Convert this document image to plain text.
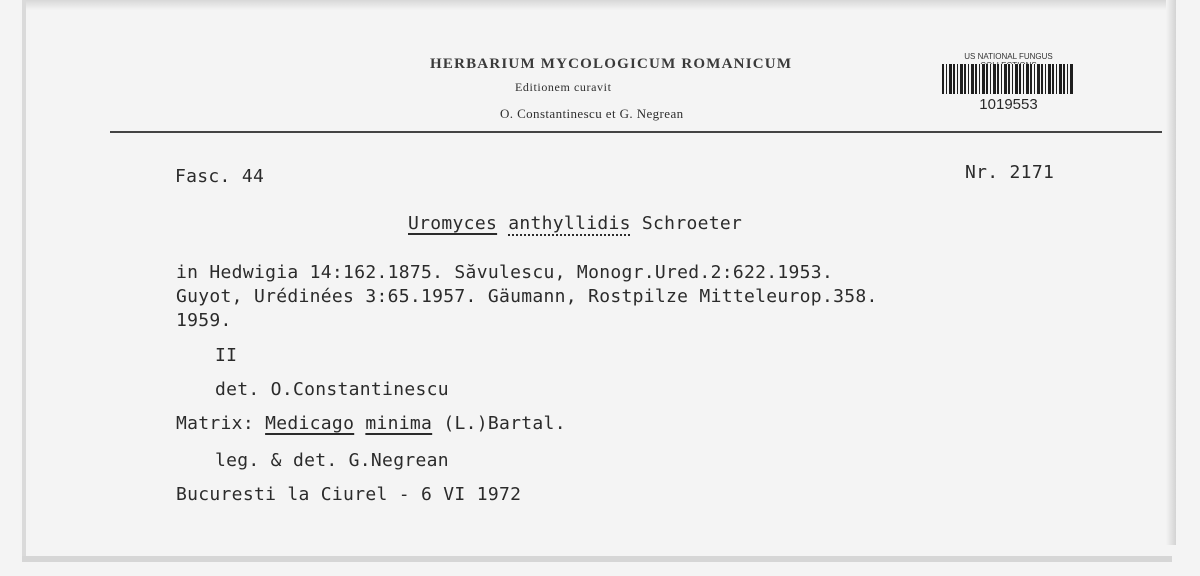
HERBARIUM MYCOLOGICUM ROMANICUM
Editionem curavit
O. Constantinescu et G. Negrean
US NATIONAL FUNGUS
1019553
Fasc. 44	Nr. 2171
Uromyces anthyllidis Schroeter
in Hedwigia 14:162.1875. Săvulescu, Monogr.Ured.2:622.1953.
Guyot, Urédinées 3:65.1957. Gäumann, Rostpilze Mitteleurop.358.
1959.
II
det. O.Constantinescu
Matrix: Medicago minima (L.)Bartal.
leg. & det. G.Negrean
Bucuresti la Ciurel - 6 VI 1972
